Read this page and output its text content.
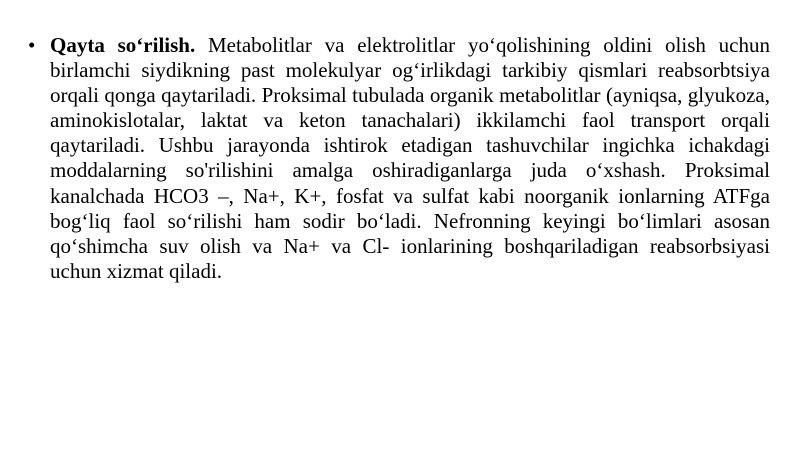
• Qayta so‘rilish. Metabolitlar va elektrolitlar yo‘qolishining oldini olish uchun birlamchi siydikning past molekulyar og‘irlikdagi tarkibiy qismlari reabsorbtsiya orqali qonga qaytariladi. Proksimal tubulada organik metabolitlar (ayniqsa, glyukoza, aminokislotalar, laktat va keton tanachalari) ikkilamchi faol transport orqali qaytariladi. Ushbu jarayonda ishtirok etadigan tashuvchilar ingichka ichakdagi moddalarning so'rilishini amalga oshiradiganlarga juda o‘xshash. Proksimal kanalchada HCO3 –, Na+, K+, fosfat va sulfat kabi noorganik ionlarning ATFga bog‘liq faol so‘rilishi ham sodir bo‘ladi. Nefronning keyingi bo‘limlari asosan qo‘shimcha suv olish va Na+ va Cl- ionlarining boshqariladigan reabsorbsiyasi uchun xizmat qiladi.
